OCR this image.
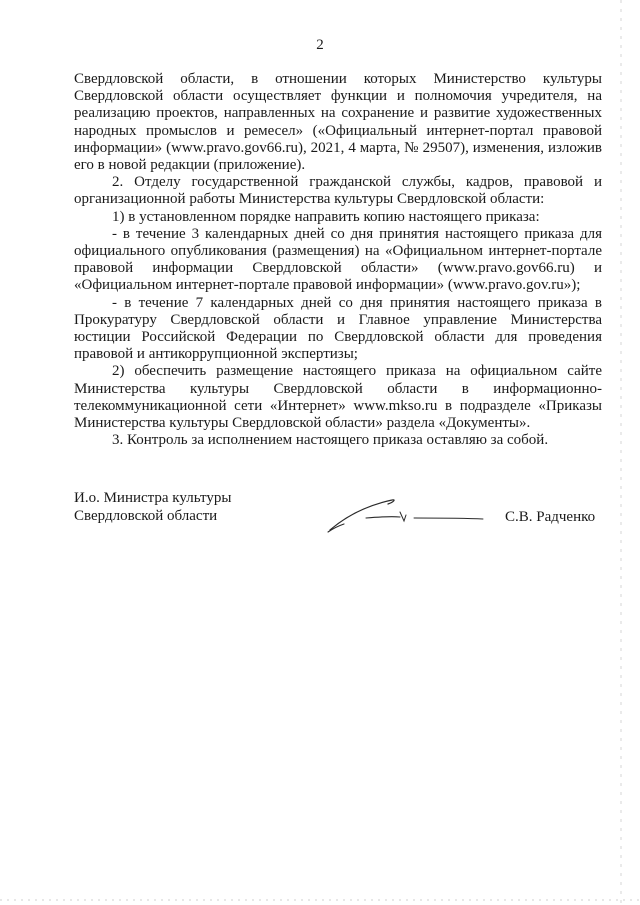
2

Свердловской области, в отношении которых Министерство культуры Свердловской области осуществляет функции и полномочия учредителя, на реализацию проектов, направленных на сохранение и развитие художественных народных промыслов и ремесел» («Официальный интернет-портал правовой информации» (www.pravo.gov66.ru), 2021, 4 марта, № 29507), изменения, изложив его в новой редакции (приложение).

2. Отделу государственной гражданской службы, кадров, правовой и организационной работы Министерства культуры Свердловской области:

1) в установленном порядке направить копию настоящего приказа:

- в течение 3 календарных дней со дня принятия настоящего приказа для официального опубликования (размещения) на «Официальном интернет-портале правовой информации Свердловской области» (www.pravo.gov66.ru) и «Официальном интернет-портале правовой информации» (www.pravo.gov.ru»);

- в течение 7 календарных дней со дня принятия настоящего приказа в Прокуратуру Свердловской области и Главное управление Министерства юстиции Российской Федерации по Свердловской области для проведения правовой и антикоррупционной экспертизы;

2) обеспечить размещение настоящего приказа на официальном сайте Министерства культуры Свердловской области в информационно-телекоммуникационной сети «Интернет» www.mkso.ru в подразделе «Приказы Министерства культуры Свердловской области» раздела «Документы».

3. Контроль за исполнением настоящего приказа оставляю за собой.

И.о. Министра культуры
Свердловской области	С.В. Радченко
